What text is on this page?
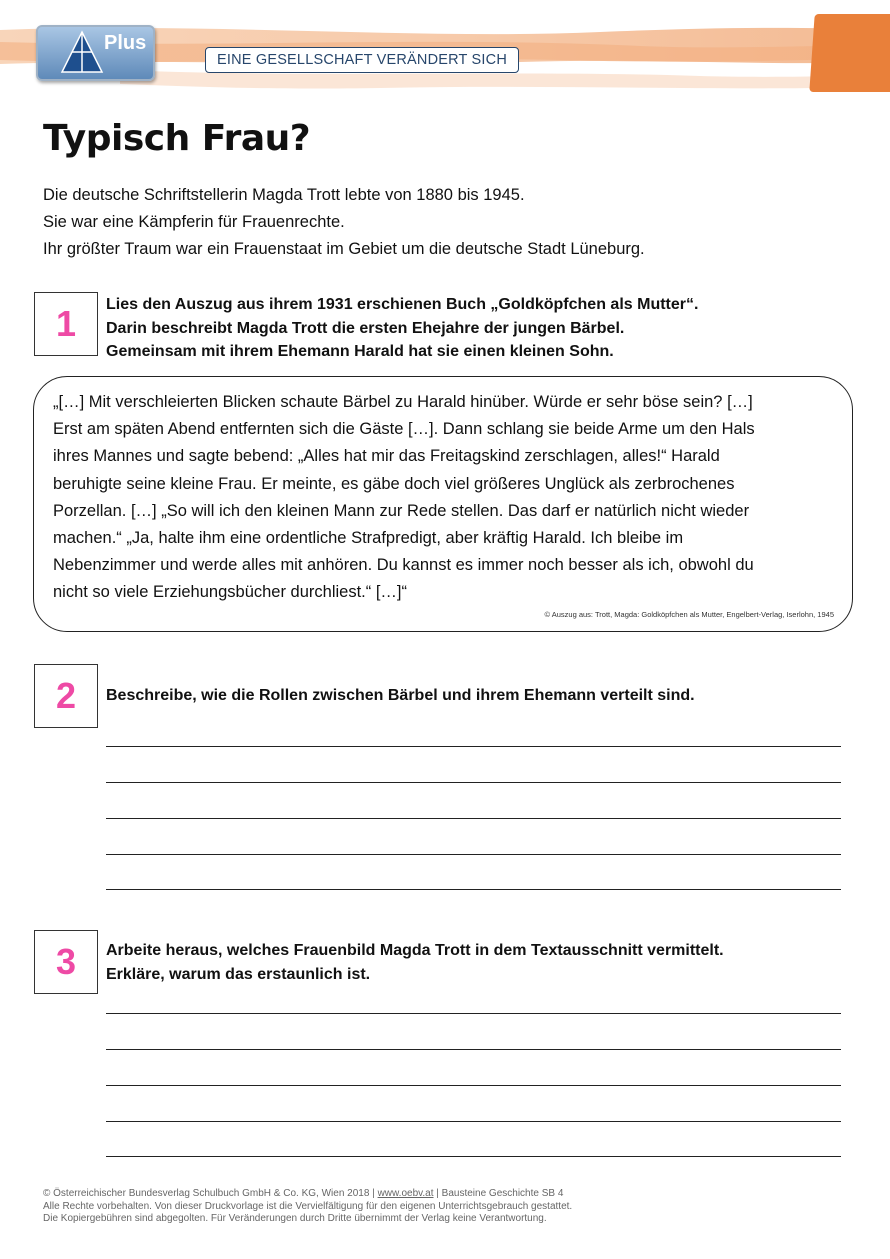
Plus
EINE GESELLSCHAFT VERÄNDERT SICH
Typisch Frau?

Die deutsche Schriftstellerin Magda Trott lebte von 1880 bis 1945.

Sie war eine Kämpferin für Frauenrechte.

Ihr größter Traum war ein Frauenstaat im Gebiet um die deutsche Stadt Lüneburg.

1	Lies den Auszug aus ihrem 1931 erschienen Buch „Goldköpfchen als Mutter“.

Darin beschreibt Magda Trott die ersten Ehejahre der jungen Bärbel.

Gemeinsam mit ihrem Ehemann Harald hat sie einen kleinen Sohn.

„[…] Mit verschleierten Blicken schaute Bärbel zu Harald hinüber. Würde er sehr böse sein? […]

Erst am späten Abend entfernten sich die Gäste […]. Dann schlang sie beide Arme um den Hals

ihres Mannes und sagte bebend: „Alles hat mir das Freitagskind zerschlagen, alles!“ Harald

beruhigte seine kleine Frau. Er meinte, es gäbe doch viel größeres Unglück als zerbrochenes

Porzellan. […] „So will ich den kleinen Mann zur Rede stellen. Das darf er natürlich nicht wieder

machen.“ „Ja, halte ihm eine ordentliche Strafpredigt, aber kräftig Harald. Ich bleibe im

Nebenzimmer und werde alles mit anhören. Du kannst es immer noch besser als ich, obwohl du

nicht so viele Erziehungsbücher durchliest.“ […]“

© Auszug aus: Trott, Magda: Goldköpfchen als Mutter, Engelbert-Verlag, Iserlohn, 1945
2	Beschreibe, wie die Rollen zwischen Bärbel und ihrem Ehemann verteilt sind.

3	Arbeite heraus, welches Frauenbild Magda Trott in dem Textausschnitt vermittelt.

Erkläre, warum das erstaunlich ist.

© Österreichischer Bundesverlag Schulbuch GmbH & Co. KG, Wien 2018 | www.oebv.at | Bausteine Geschichte SB 4

Alle Rechte vorbehalten. Von dieser Druckvorlage ist die Vervielfältigung für den eigenen Unterrichtsgebrauch gestattet.

Die Kopiergebühren sind abgegolten. Für Veränderungen durch Dritte übernimmt der Verlag keine Verantwortung.
